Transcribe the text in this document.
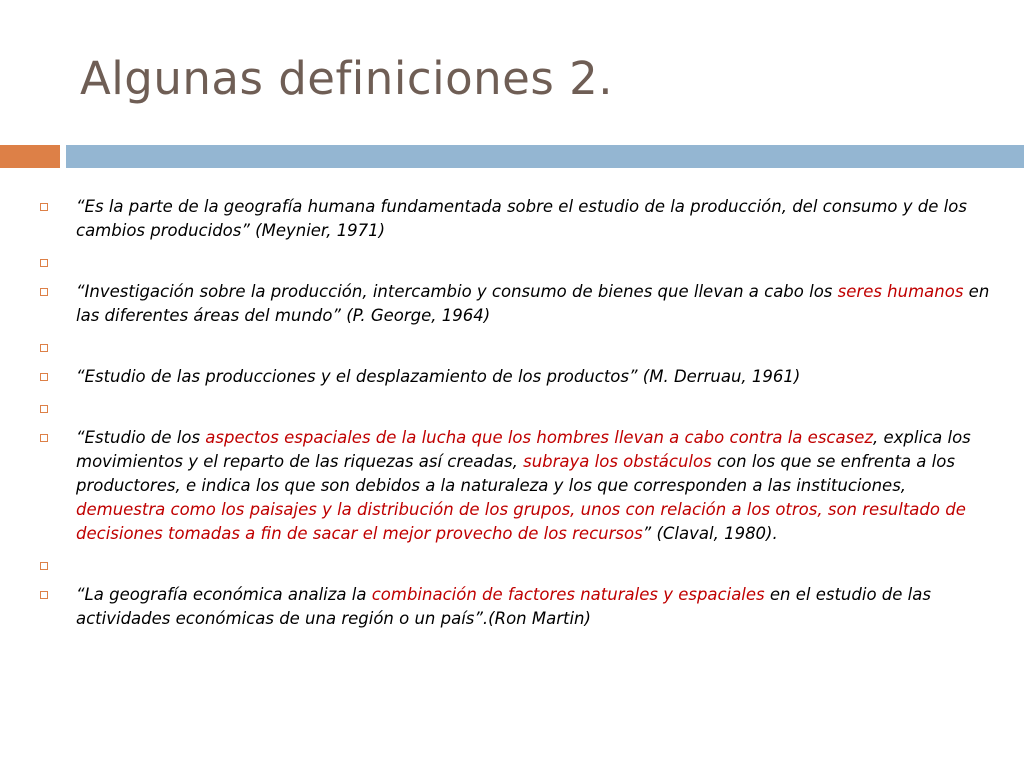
Algunas definiciones 2.
“Es la parte de la geografía humana fundamentada sobre el estudio de la producción, del consumo y de los cambios producidos” (Meynier, 1971)
“Investigación sobre la producción, intercambio y consumo de bienes que llevan a cabo los seres humanos en las diferentes áreas del mundo” (P. George, 1964)
“Estudio de las producciones y el desplazamiento de los productos” (M. Derruau, 1961)
“Estudio de los aspectos espaciales de la lucha que los hombres llevan a cabo contra la escasez, explica los movimientos y el reparto de las riquezas así creadas, subraya los obstáculos con los que se enfrenta a los productores, e indica los que son debidos a la naturaleza y los que corresponden a las instituciones, demuestra como los paisajes y la distribución de los grupos, unos con relación a los otros, son resultado de decisiones tomadas a fin de sacar el mejor provecho de los recursos” (Claval, 1980).
“La geografía económica analiza la combinación de factores naturales y espaciales en el estudio de las actividades económicas de una región o un país”.(Ron Martin)
